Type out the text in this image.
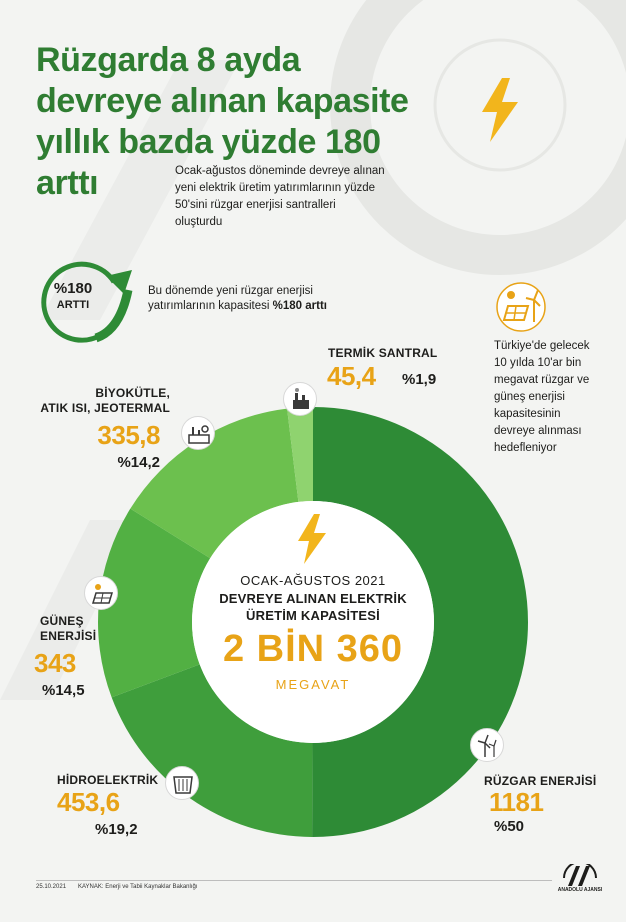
Rüzgarda 8 ayda devreye alınan kapasite yıllık bazda yüzde 180 arttı	Ocak-ağustos döneminde devreye alınan yeni elektrik üretim yatırımlarının yüzde 50'sini rüzgar enerjisi santralleri oluşturdu

%180
ARTTI

Bu dönemde yeni rüzgar enerjisi yatırımlarının kapasitesi %180 arttı

Türkiye'de gelecek 10 yılda 10'ar bin megavat rüzgar ve güneş enerjisi kapasitesinin devreye alınması hedefleniyor

OCAK-AĞUSTOS 2021
DEVREYE ALINAN ELEKTRİK
ÜRETİM KAPASİTESİ
2 BİN 360
MEGAVAT
TERMİK SANTRAL
45,4 %1,9
BİYOKÜTLE,
ATIK ISI, JEOTERMAL
335,8
%14,2
GÜNEŞ
ENERJİSİ
343
%14,5
HİDROELEKTRİK
453,6
%19,2
RÜZGAR ENERJİSİ
1181
%50
25.10.2021 KAYNAK: Enerji ve Tabii Kaynaklar Bakanlığı	ANADOLU AJANSI
